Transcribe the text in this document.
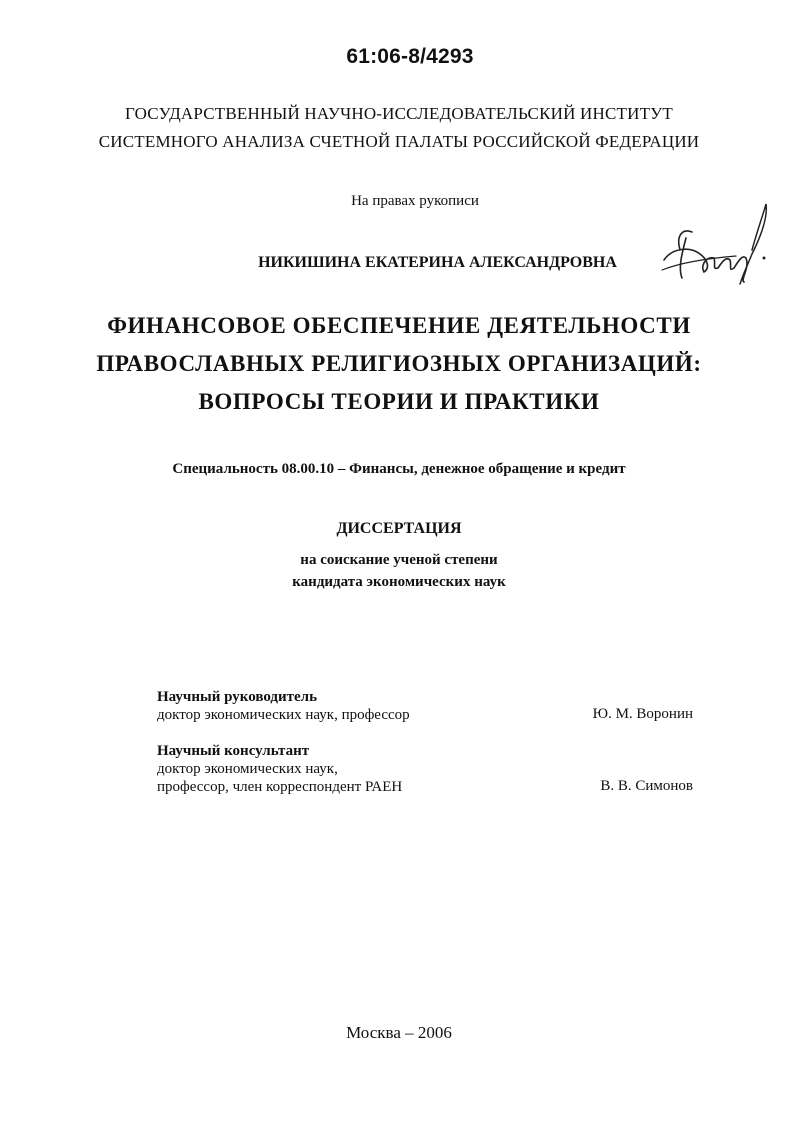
61:06-8/4293
ГОСУДАРСТВЕННЫЙ НАУЧНО-ИССЛЕДОВАТЕЛЬСКИЙ ИНСТИТУТ
СИСТЕМНОГО АНАЛИЗА СЧЕТНОЙ ПАЛАТЫ РОССИЙСКОЙ ФЕДЕРАЦИИ
На правах рукописи
НИКИШИНА ЕКАТЕРИНА АЛЕКСАНДРОВНА
ФИНАНСОВОЕ ОБЕСПЕЧЕНИЕ ДЕЯТЕЛЬНОСТИ
ПРАВОСЛАВНЫХ РЕЛИГИОЗНЫХ ОРГАНИЗАЦИЙ:
ВОПРОСЫ ТЕОРИИ И ПРАКТИКИ
Специальность 08.00.10 – Финансы, денежное обращение и кредит
ДИССЕРТАЦИЯ
на соискание ученой степени
кандидата экономических наук
Научный руководитель
доктор экономических наук, профессор	Ю. М. Воронин
Научный консультант
доктор экономических наук,
профессор, член корреспондент РАЕН	В. В. Симонов
Москва – 2006
